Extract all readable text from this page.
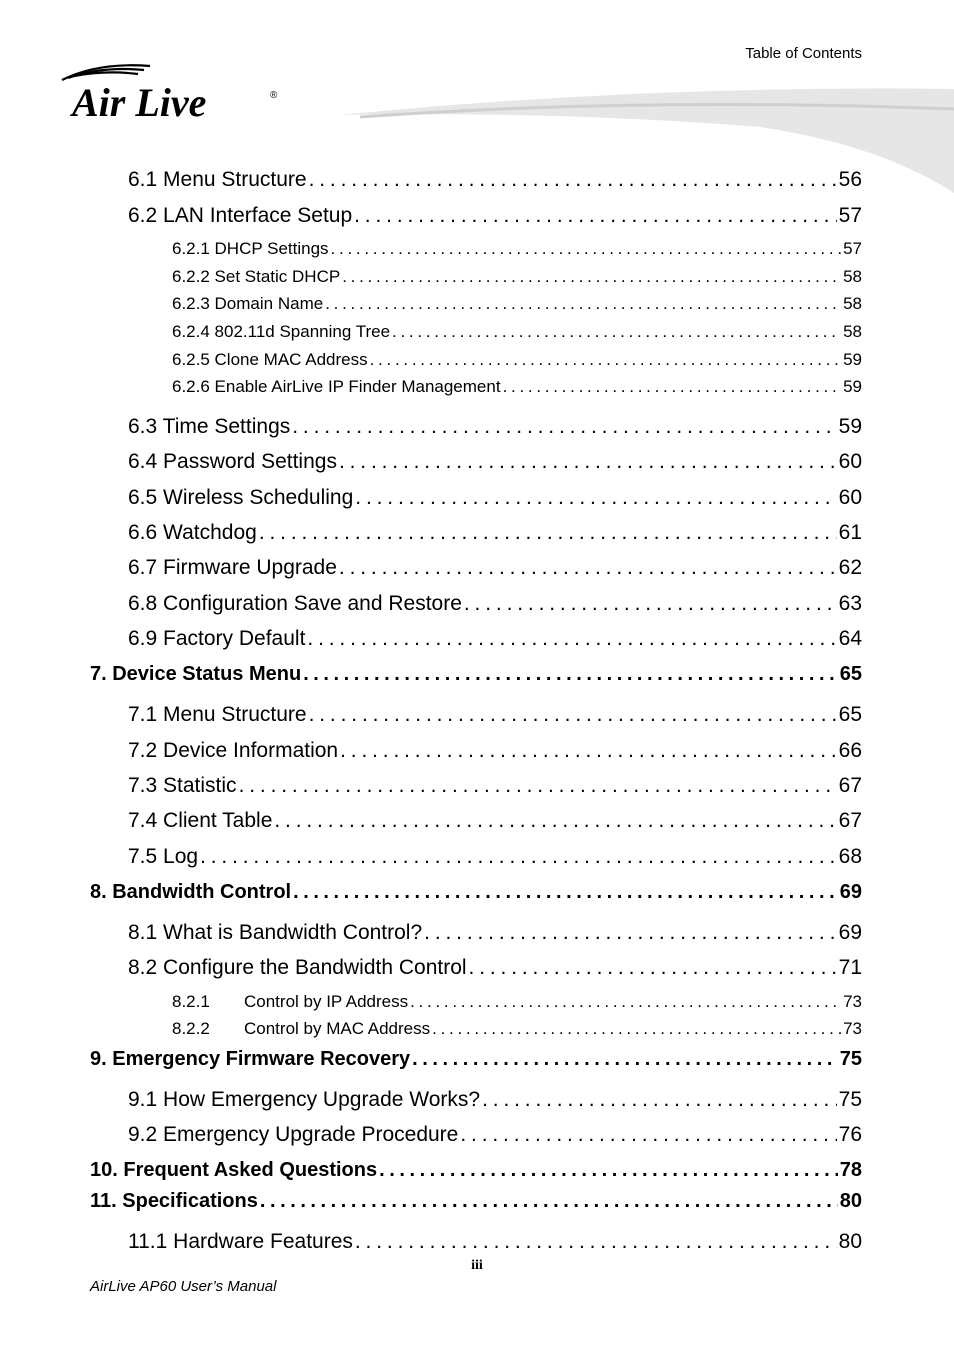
Table of Contents
Air Live	®
6.1 Menu Structure . . .	56
6.2 LAN Interface Setup . . .	57
6.2.1 DHCP Settings . . .	57
6.2.2 Set Static DHCP . . .	58
6.2.3 Domain Name . . .	58
6.2.4 802.11d Spanning Tree . . .	58
6.2.5 Clone MAC Address . . .	59
6.2.6 Enable AirLive IP Finder Management . . .	59
6.3 Time Settings . . .	59
6.4 Password Settings . . .	60
6.5 Wireless Scheduling . . .	60
6.6 Watchdog . . .	61
6.7 Firmware Upgrade . . .	62
6.8 Configuration Save and Restore . . .	63
6.9 Factory Default . . .	64
7. Device Status Menu . . .	65
7.1 Menu Structure . . .	65
7.2 Device Information . . .	66
7.3 Statistic . . .	67
7.4 Client Table . . .	67
7.5 Log . . .	68
8. Bandwidth Control . . .	69
8.1 What is Bandwidth Control? . . .	69
8.2 Configure the Bandwidth Control . . .	71
8.2.1 Control by IP Address . . .	73
8.2.2 Control by MAC Address . . .	73
9. Emergency Firmware Recovery . . .	75
9.1 How Emergency Upgrade Works? . . .	75
9.2 Emergency Upgrade Procedure . . .	76
10. Frequent Asked Questions . . .	78
11. Specifications . . .	80
11.1 Hardware Features . . .	80
iii
AirLive AP60 User’s Manual
